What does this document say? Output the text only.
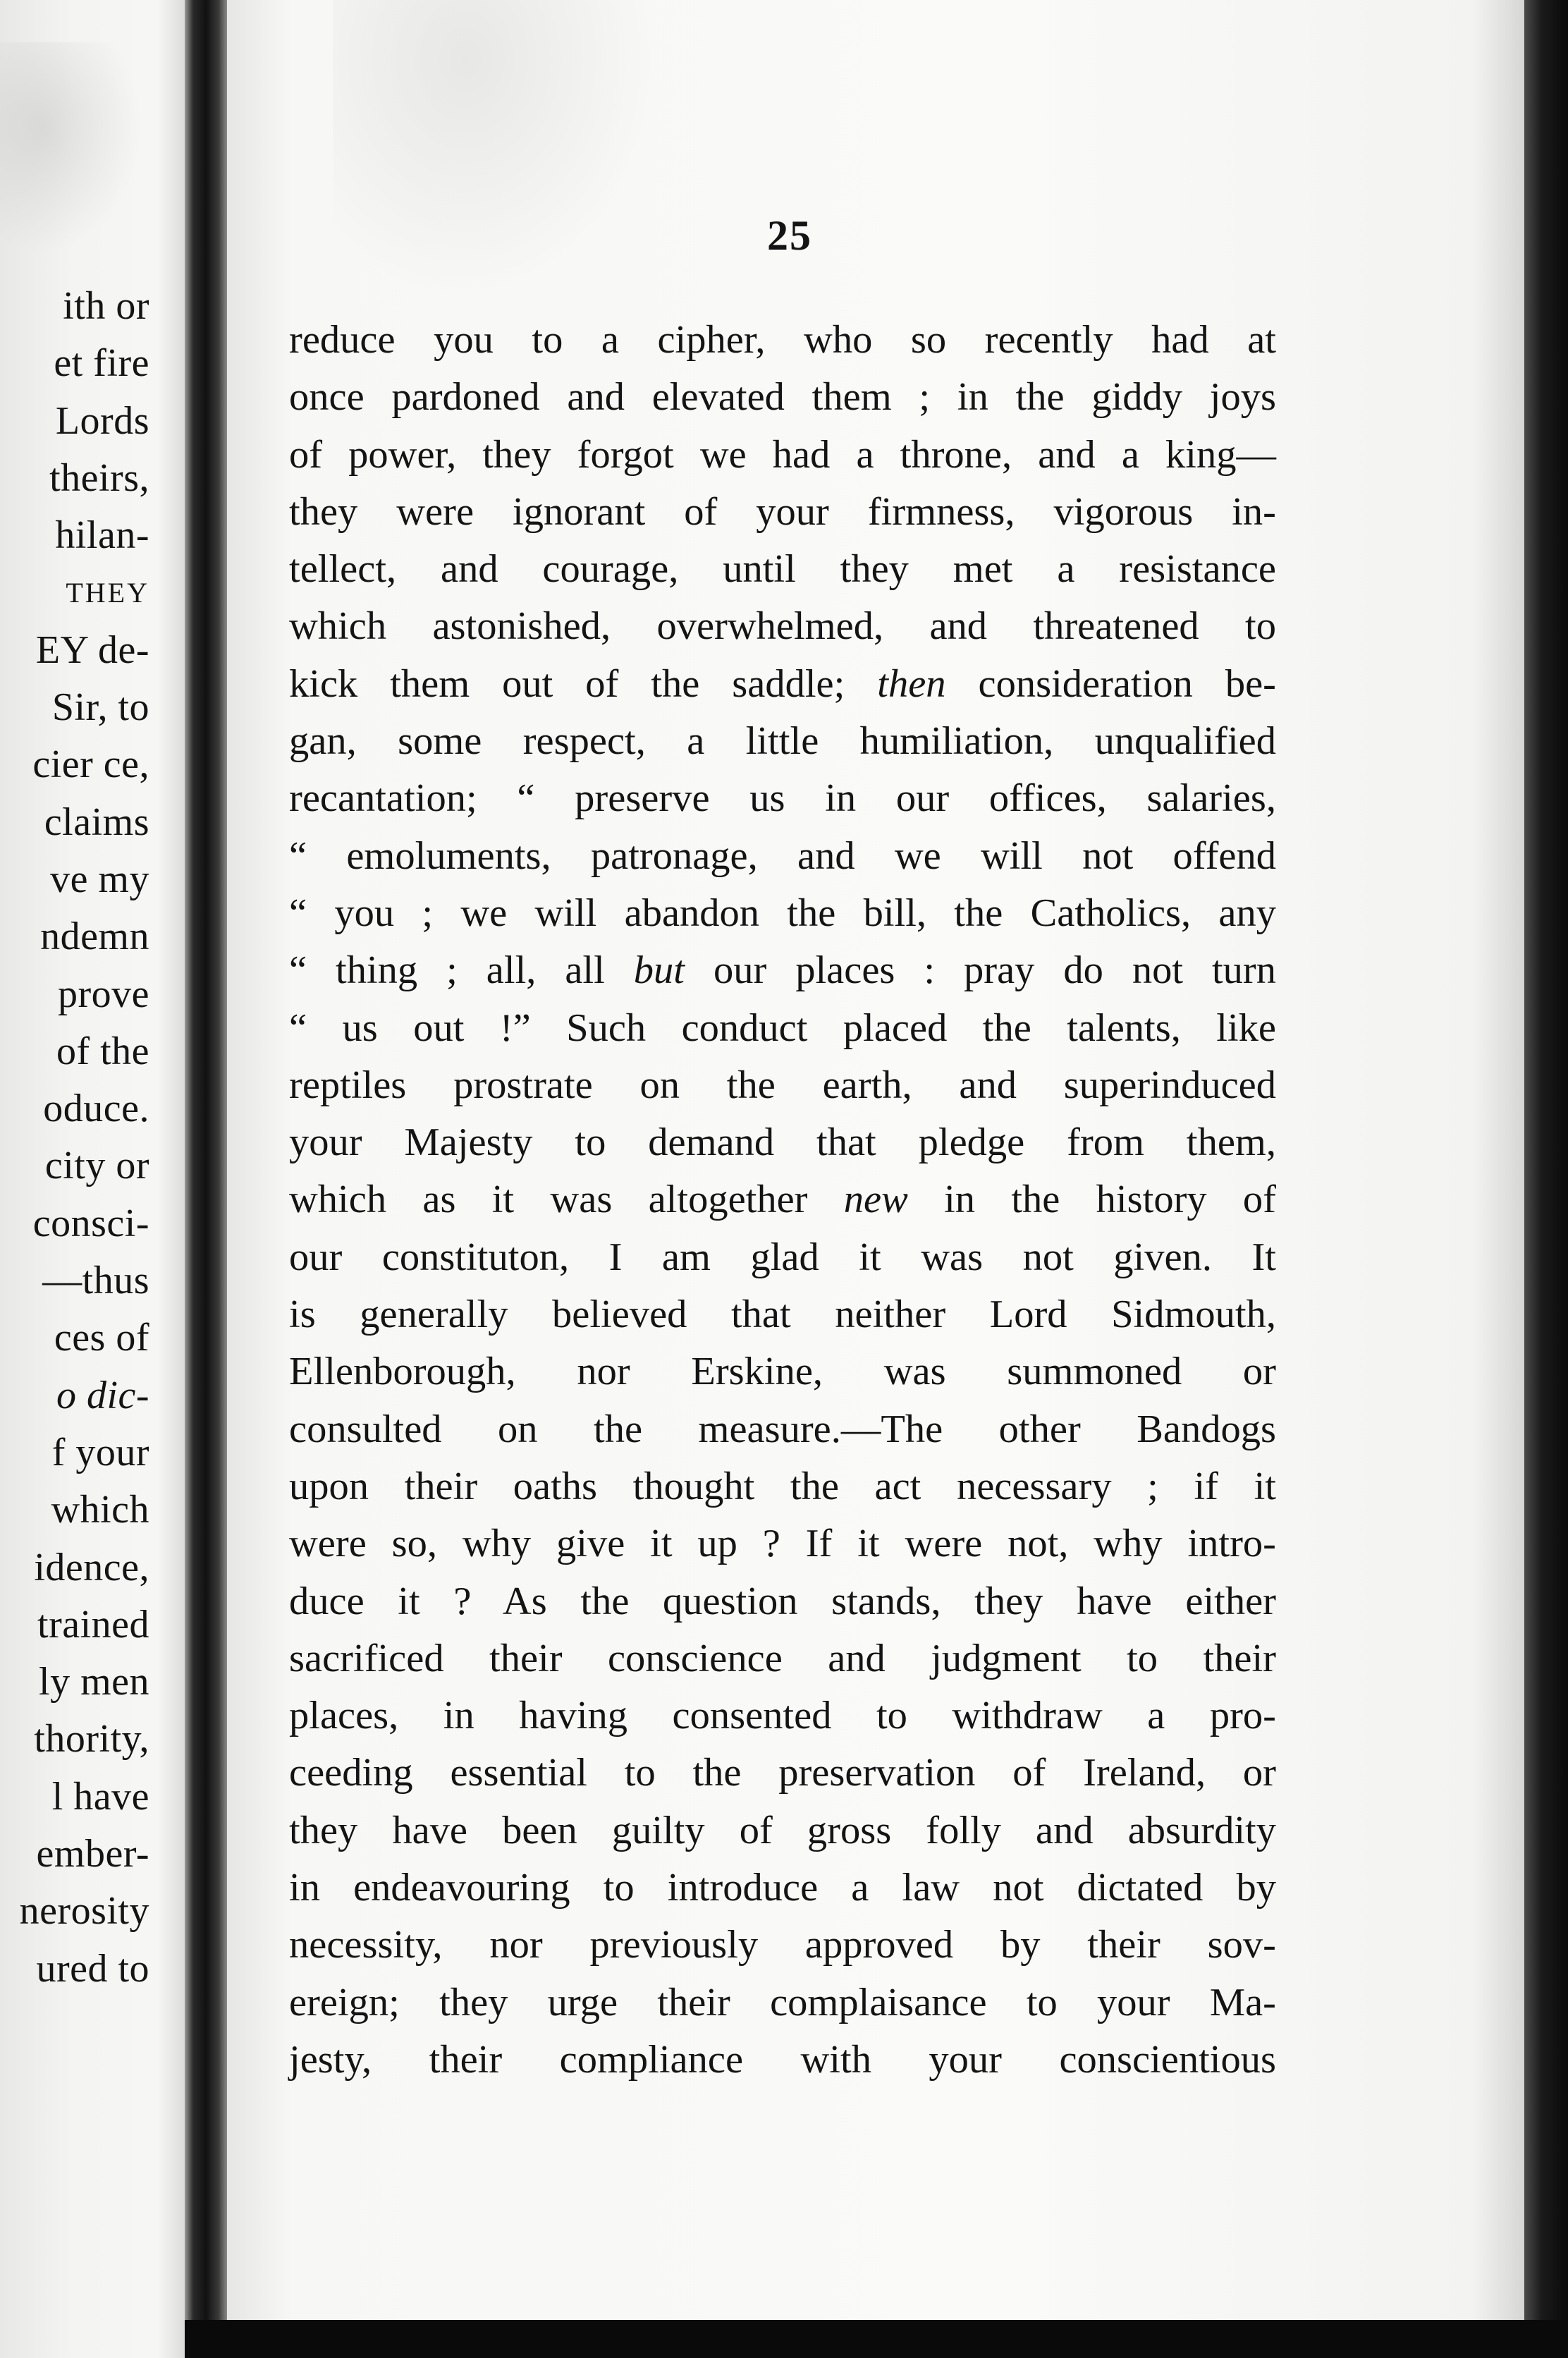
ith or
et fire
Lords
theirs,
hilan-
THEY
EY de-
Sir, to
cier ce,
claims
ve my
ndemn
prove
of the
oduce.
city or
consci-
—thus
ces of
o dic-
f your
which
idence,
trained
ly men
thority,
l have
ember-
nerosity
ured to
25
reduce you to a cipher, who so recently had at
once pardoned and elevated them ; in the giddy joys
of power, they forgot we had a throne, and a king—
they were ignorant of your firmness, vigorous in-
tellect, and courage, until they met a resistance
which astonished, overwhelmed, and threatened to
kick them out of the saddle; then consideration be-
gan, some respect, a little humiliation, unqualified
recantation; “ preserve us in our offices, salaries,
“ emoluments, patronage, and we will not offend
“ you ; we will abandon the bill, the Catholics, any
“ thing ; all, all but our places : pray do not turn
“ us out !” Such conduct placed the talents, like
reptiles prostrate on the earth, and superinduced
your Majesty to demand that pledge from them,
which as it was altogether new in the history of
our constituton, I am glad it was not given. It
is generally believed that neither Lord Sidmouth,
Ellenborough, nor Erskine, was summoned or
consulted on the measure.—The other Bandogs
upon their oaths thought the act necessary ; if it
were so, why give it up ? If it were not, why intro-
duce it ? As the question stands, they have either
sacrificed their conscience and judgment to their
places, in having consented to withdraw a pro-
ceeding essential to the preservation of Ireland, or
they have been guilty of gross folly and absurdity
in endeavouring to introduce a law not dictated by
necessity, nor previously approved by their sov-
ereign; they urge their complaisance to your Ma-
jesty, their compliance with your conscientious
